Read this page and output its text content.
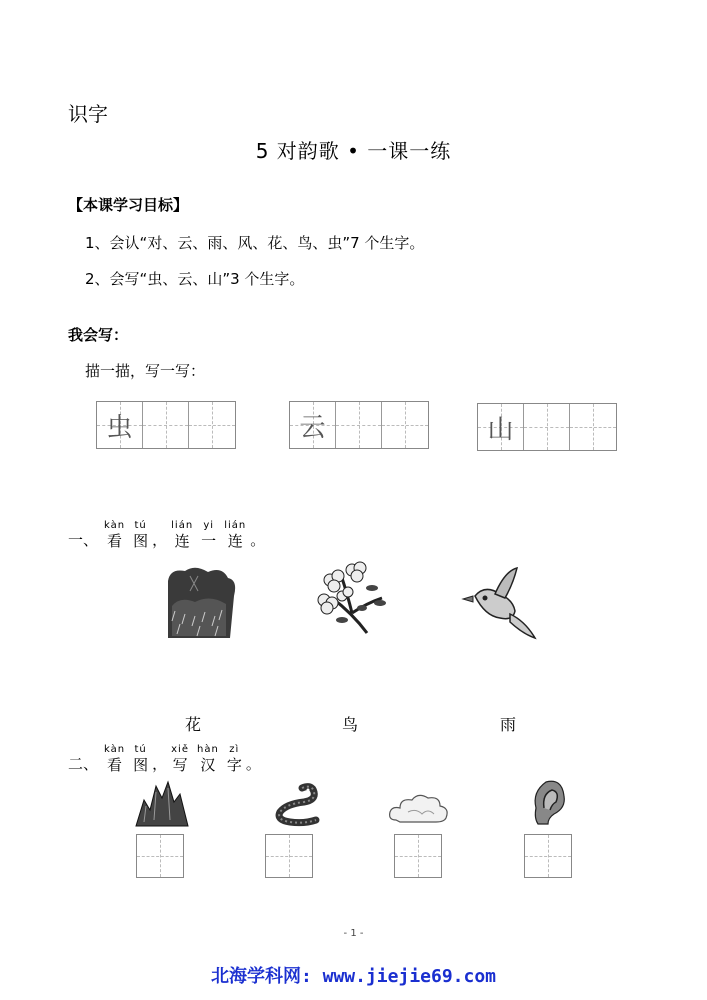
识字
5 对韵歌 • 一课一练
【本课学习目标】
1、会认“对、云、雨、风、花、鸟、虫”7 个生字。
2、会写“虫、云、山”3 个生字。
我会写：
描一描，写一写：
虫	云	山
一、
kàn
看
tú
图 ，
lián
连
yi
一
lián
连 。
花	鸟	雨
二、
kàn
看
tú
图 ，
xiě
写
hàn
汉
zì
字 。
- 1 -
北海学科网: www.jiejie69.com
